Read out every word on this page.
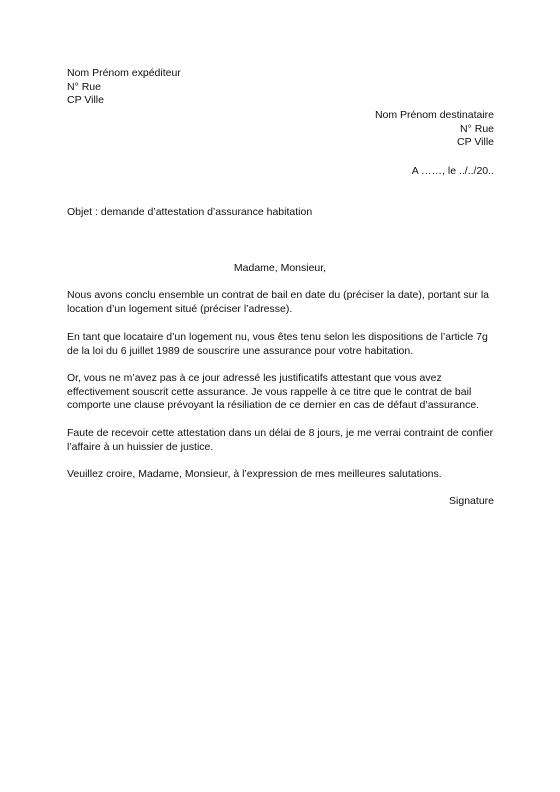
Nom Prénom expéditeur
N° Rue
CP Ville
Nom Prénom destinataire
N° Rue
CP Ville
A ……, le ../../20..
Objet : demande d’attestation d’assurance habitation
Madame, Monsieur,
Nous avons conclu ensemble un contrat de bail en date du (préciser la date), portant sur la
location d’un logement situé (préciser l’adresse).
En tant que locataire d’un logement nu, vous êtes tenu selon les dispositions de l’article 7g
de la loi du 6 juillet 1989 de souscrire une assurance pour votre habitation.
Or, vous ne m’avez pas à ce jour adressé les justificatifs attestant que vous avez
effectivement souscrit cette assurance. Je vous rappelle à ce titre que le contrat de bail
comporte une clause prévoyant la résiliation de ce dernier en cas de défaut d’assurance.
Faute de recevoir cette attestation dans un délai de 8 jours, je me verrai contraint de confier
l’affaire à un huissier de justice.
Veuillez croire, Madame, Monsieur, à l’expression de mes meilleures salutations.
Signature
